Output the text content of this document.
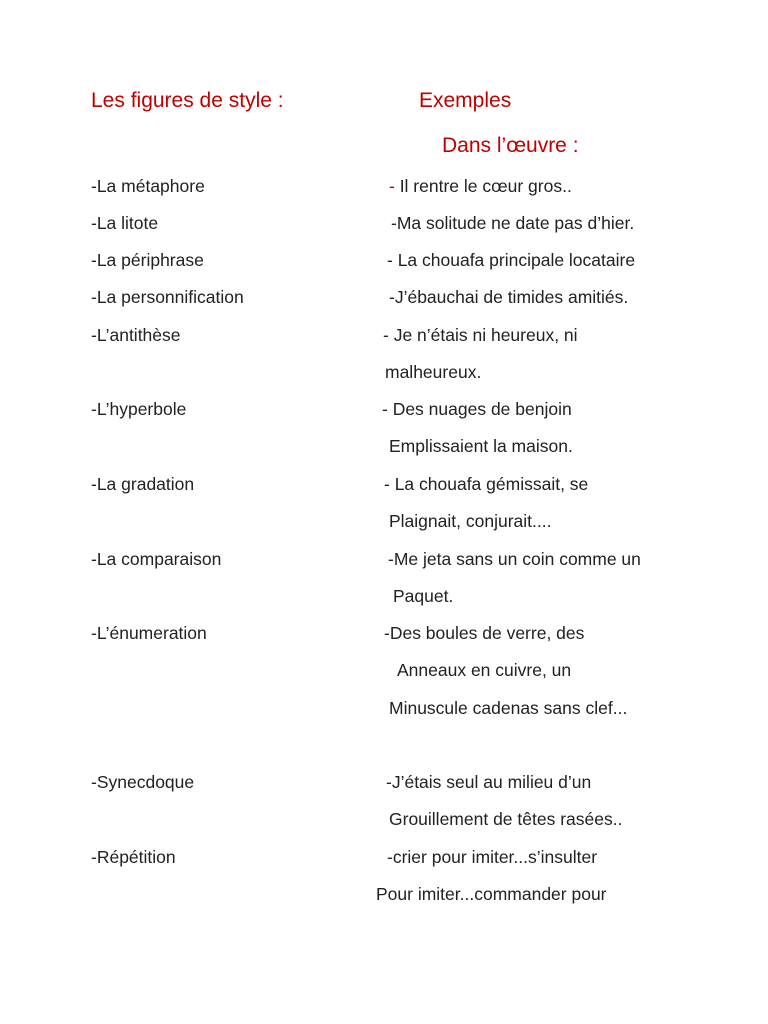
Les figures de style :	Exemples
Dans l’œuvre :
-La métaphore
-La litote
-La périphrase
-La personnification
-L’antithèse
-L’hyperbole
-La gradation
-La comparaison
-L’énumeration
-Synecdoque
-Répétition
- Il rentre le cœur gros..
-Ma solitude ne date pas d’hier.
- La chouafa principale locataire
-J’ébauchai de timides amitiés.
- Je n’étais ni heureux, ni
malheureux.
- Des nuages de benjoin
Emplissaient la maison.
- La chouafa gémissait, se
Plaignait, conjurait....
-Me jeta sans un coin comme un
Paquet.
-Des boules de verre, des
Anneaux en cuivre, un
Minuscule cadenas sans clef...
-J’étais seul au milieu d’un
Grouillement de têtes rasées..
-crier pour imiter...s’insulter
Pour imiter...commander pour
